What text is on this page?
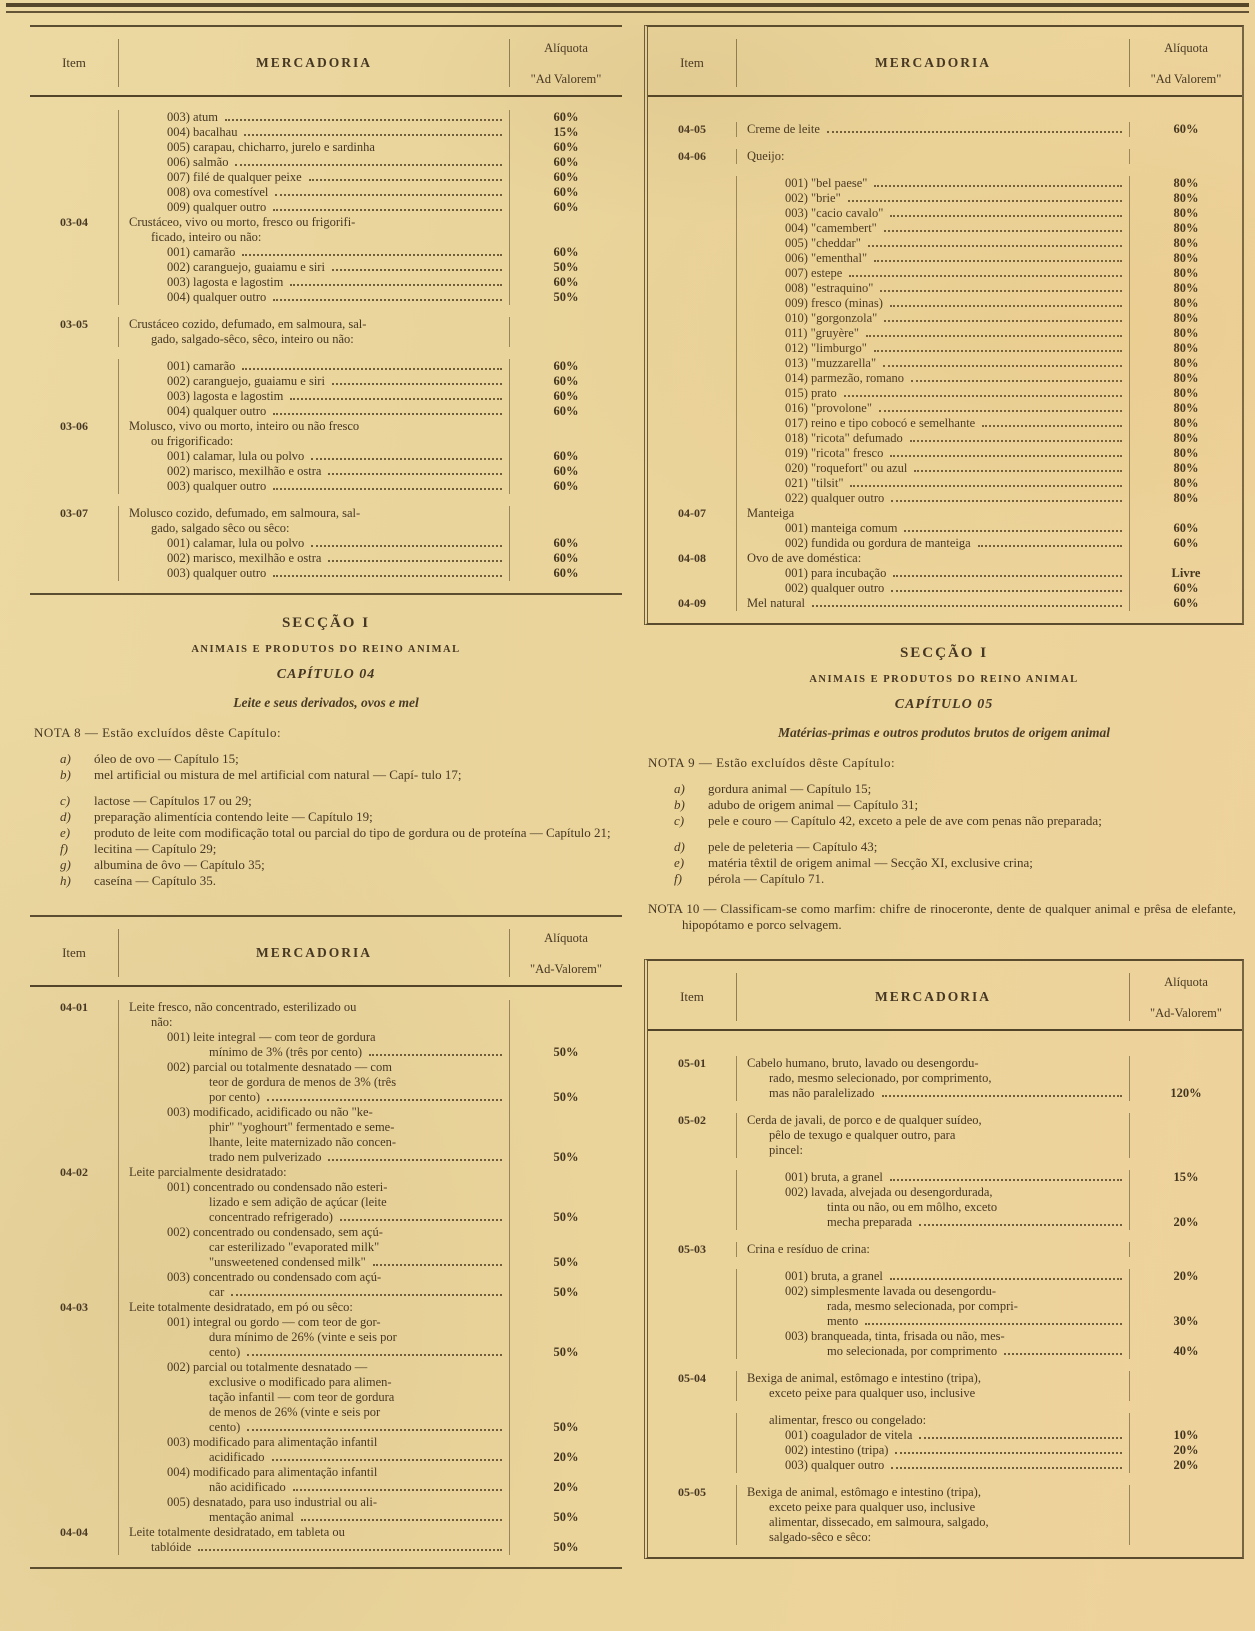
Item	MERCADORIA
Alíquota
"Ad Valorem"
003) atum	60%
004) bacalhau	15%
005) carapau, chicharro, jurelo e sardinha	60%
006) salmão	60%
007) filé de qualquer peixe	60%
008) ova comestível	60%
009) qualquer outro	60%
03-04	Crustáceo, vivo ou morto, fresco ou frigorifi-
ficado, inteiro ou não:
001) camarão	60%
002) caranguejo, guaiamu e siri	50%
003) lagosta e lagostim	60%
004) qualquer outro	50%
03-05	Crustáceo cozido, defumado, em salmoura, sal-
gado, salgado-sêco, sêco, inteiro ou não:
001) camarão	60%
002) caranguejo, guaiamu e siri	60%
003) lagosta e lagostim	60%
004) qualquer outro	60%
03-06	Molusco, vivo ou morto, inteiro ou não fresco
ou frigorificado:
001) calamar, lula ou polvo	60%
002) marisco, mexilhão e ostra	60%
003) qualquer outro	60%
03-07	Molusco cozido, defumado, em salmoura, sal-
gado, salgado sêco ou sêco:
001) calamar, lula ou polvo	60%
002) marisco, mexilhão e ostra	60%
003) qualquer outro	60%
SECÇÃO I
ANIMAIS E PRODUTOS DO REINO ANIMAL
CAPÍTULO 04
Leite e seus derivados, ovos e mel
NOTA 8 — Estão excluídos dêste Capítulo:
a)	óleo de ovo — Capítulo 15;
b)	mel artificial ou mistura de mel artificial com natural — Capí- tulo 17;
c)	lactose — Capítulos 17 ou 29;
d)	preparação alimentícia contendo leite — Capítulo 19;
e)	produto de leite com modificação total ou parcial do tipo de gordura ou de proteína — Capítulo 21;
f)	lecitina — Capítulo 29;
g)	albumina de ôvo — Capítulo 35;
h)	caseína — Capítulo 35.
Item	MERCADORIA
Alíquota
"Ad-Valorem"
04-01	Leite fresco, não concentrado, esterilizado ou
não:
001) leite integral — com teor de gordura
mínimo de 3% (três por cento)	50%
002) parcial ou totalmente desnatado — com
teor de gordura de menos de 3% (três
por cento)	50%
003) modificado, acidificado ou não "ke-
phir" "yoghourt" fermentado e seme-
lhante, leite maternizado não concen-
trado nem pulverizado	50%
04-02	Leite parcialmente desidratado:
001) concentrado ou condensado não esteri-
lizado e sem adição de açúcar (leite
concentrado refrigerado)	50%
002) concentrado ou condensado, sem açú-
car esterilizado "evaporated milk"
"unsweetened condensed milk"	50%
003) concentrado ou condensado com açú-
car	50%
04-03	Leite totalmente desidratado, em pó ou sêco:
001) integral ou gordo — com teor de gor-
dura mínimo de 26% (vinte e seis por
cento)	50%
002) parcial ou totalmente desnatado —
exclusive o modificado para alimen-
tação infantil — com teor de gordura
de menos de 26% (vinte e seis por
cento)	50%
003) modificado para alimentação infantil
acidificado	20%
004) modificado para alimentação infantil
não acidificado	20%
005) desnatado, para uso industrial ou ali-
mentação animal	50%
04-04	Leite totalmente desidratado, em tableta ou
tablóide	50%
Item	MERCADORIA
Alíquota
"Ad Valorem"
04-05	Creme de leite	60%
04-06	Queijo:
001) "bel paese"	80%
002) "brie"	80%
003) "cacio cavalo"	80%
004) "camembert"	80%
005) "cheddar"	80%
006) "ementhal"	80%
007) estepe	80%
008) "estraquino"	80%
009) fresco (minas)	80%
010) "gorgonzola"	80%
011) "gruyère"	80%
012) "limburgo"	80%
013) "muzzarella"	80%
014) parmezão, romano	80%
015) prato	80%
016) "provolone"	80%
017) reino e tipo cobocó e semelhante	80%
018) "ricota" defumado	80%
019) "ricota" fresco	80%
020) "roquefort" ou azul	80%
021) "tilsit"	80%
022) qualquer outro	80%
04-07	Manteiga
001) manteiga comum	60%
002) fundida ou gordura de manteiga	60%
04-08	Ovo de ave doméstica:
001) para incubação	Livre
002) qualquer outro	60%
04-09	Mel natural	60%
SECÇÃO I
ANIMAIS E PRODUTOS DO REINO ANIMAL
CAPÍTULO 05
Matérias-primas e outros produtos brutos de origem animal
NOTA 9 — Estão excluídos dêste Capítulo:
a)	gordura animal — Capítulo 15;
b)	adubo de origem animal — Capítulo 31;
c)	pele e couro — Capítulo 42, exceto a pele de ave com penas não preparada;
d)	pele de peleteria — Capítulo 43;
e)	matéria têxtil de origem animal — Secção XI, exclusive crina;
f)	pérola — Capítulo 71.
NOTA 10 — Classificam-se como marfim: chifre de rinoceronte, dente de qualquer animal e prêsa de elefante, hipopótamo e porco selvagem.
Item	MERCADORIA
Alíquota
"Ad-Valorem"
05-01	Cabelo humano, bruto, lavado ou desengordu-
rado, mesmo selecionado, por comprimento,
mas não paralelizado	120%
05-02	Cerda de javali, de porco e de qualquer suídeo,
pêlo de texugo e qualquer outro, para
pincel:
001) bruta, a granel	15%
002) lavada, alvejada ou desengordurada,
tinta ou não, ou em môlho, exceto
mecha preparada	20%
05-03	Crina e resíduo de crina:
001) bruta, a granel	20%
002) simplesmente lavada ou desengordu-
rada, mesmo selecionada, por compri-
mento	30%
003) branqueada, tinta, frisada ou não, mes-
mo selecionada, por comprimento	40%
05-04	Bexiga de animal, estômago e intestino (tripa),
exceto peixe para qualquer uso, inclusive
alimentar, fresco ou congelado:
001) coagulador de vitela	10%
002) intestino (tripa)	20%
003) qualquer outro	20%
05-05	Bexiga de animal, estômago e intestino (tripa),
exceto peixe para qualquer uso, inclusive
alimentar, dissecado, em salmoura, salgado,
salgado-sêco e sêco:
